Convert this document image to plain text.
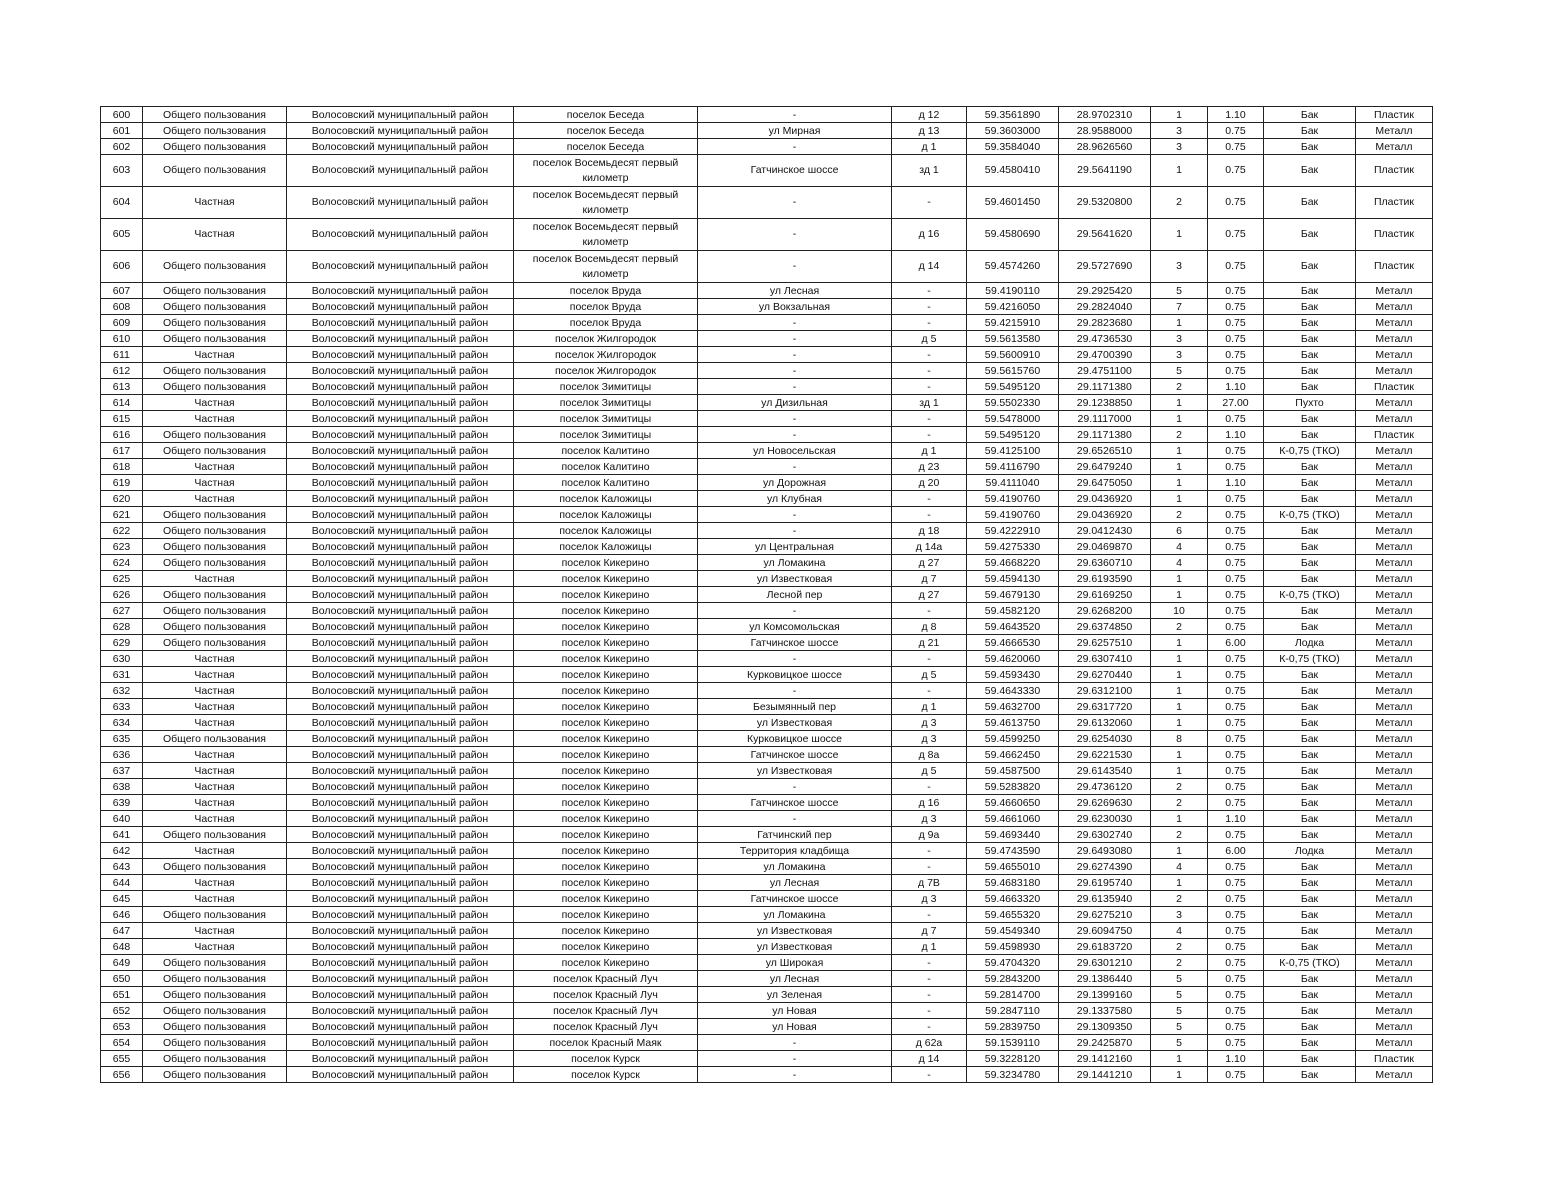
600	Общего пользования	Волосовский муниципальный район	поселок Беседа	-	д 12	59.3561890	28.9702310	1	1.10	Бак	Пластик
601	Общего пользования	Волосовский муниципальный район	поселок Беседа	ул Мирная	д 13	59.3603000	28.9588000	3	0.75	Бак	Металл
602	Общего пользования	Волосовский муниципальный район	поселок Беседа	-	д 1	59.3584040	28.9626560	3	0.75	Бак	Металл
603	Общего пользования	Волосовский муниципальный район	поселок Восемьдесят первый километр	Гатчинское шоссе	зд 1	59.4580410	29.5641190	1	0.75	Бак	Пластик
604	Частная	Волосовский муниципальный район	поселок Восемьдесят первый километр	-	-	59.4601450	29.5320800	2	0.75	Бак	Пластик
605	Частная	Волосовский муниципальный район	поселок Восемьдесят первый километр	-	д 16	59.4580690	29.5641620	1	0.75	Бак	Пластик
606	Общего пользования	Волосовский муниципальный район	поселок Восемьдесят первый километр	-	д 14	59.4574260	29.5727690	3	0.75	Бак	Пластик
607	Общего пользования	Волосовский муниципальный район	поселок Вруда	ул Лесная	-	59.4190110	29.2925420	5	0.75	Бак	Металл
608	Общего пользования	Волосовский муниципальный район	поселок Вруда	ул Вокзальная	-	59.4216050	29.2824040	7	0.75	Бак	Металл
609	Общего пользования	Волосовский муниципальный район	поселок Вруда	-	-	59.4215910	29.2823680	1	0.75	Бак	Металл
610	Общего пользования	Волосовский муниципальный район	поселок Жилгородок	-	д 5	59.5613580	29.4736530	3	0.75	Бак	Металл
611	Частная	Волосовский муниципальный район	поселок Жилгородок	-	-	59.5600910	29.4700390	3	0.75	Бак	Металл
612	Общего пользования	Волосовский муниципальный район	поселок Жилгородок	-	-	59.5615760	29.4751100	5	0.75	Бак	Металл
613	Общего пользования	Волосовский муниципальный район	поселок Зимитицы	-	-	59.5495120	29.1171380	2	1.10	Бак	Пластик
614	Частная	Волосовский муниципальный район	поселок Зимитицы	ул Дизильная	зд 1	59.5502330	29.1238850	1	27.00	Пухто	Металл
615	Частная	Волосовский муниципальный район	поселок Зимитицы	-	-	59.5478000	29.1117000	1	0.75	Бак	Металл
616	Общего пользования	Волосовский муниципальный район	поселок Зимитицы	-	-	59.5495120	29.1171380	2	1.10	Бак	Пластик
617	Общего пользования	Волосовский муниципальный район	поселок Калитино	ул Новосельская	д 1	59.4125100	29.6526510	1	0.75	К-0,75 (ТКО)	Металл
618	Частная	Волосовский муниципальный район	поселок Калитино	-	д 23	59.4116790	29.6479240	1	0.75	Бак	Металл
619	Частная	Волосовский муниципальный район	поселок Калитино	ул Дорожная	д 20	59.4111040	29.6475050	1	1.10	Бак	Металл
620	Частная	Волосовский муниципальный район	поселок Каложицы	ул Клубная	-	59.4190760	29.0436920	1	0.75	Бак	Металл
621	Общего пользования	Волосовский муниципальный район	поселок Каложицы	-	-	59.4190760	29.0436920	2	0.75	К-0,75 (ТКО)	Металл
622	Общего пользования	Волосовский муниципальный район	поселок Каложицы	-	д 18	59.4222910	29.0412430	6	0.75	Бак	Металл
623	Общего пользования	Волосовский муниципальный район	поселок Каложицы	ул Центральная	д 14а	59.4275330	29.0469870	4	0.75	Бак	Металл
624	Общего пользования	Волосовский муниципальный район	поселок Кикерино	ул Ломакина	д 27	59.4668220	29.6360710	4	0.75	Бак	Металл
625	Частная	Волосовский муниципальный район	поселок Кикерино	ул Известковая	д 7	59.4594130	29.6193590	1	0.75	Бак	Металл
626	Общего пользования	Волосовский муниципальный район	поселок Кикерино	Лесной пер	д 27	59.4679130	29.6169250	1	0.75	К-0,75 (ТКО)	Металл
627	Общего пользования	Волосовский муниципальный район	поселок Кикерино	-	-	59.4582120	29.6268200	10	0.75	Бак	Металл
628	Общего пользования	Волосовский муниципальный район	поселок Кикерино	ул Комсомольская	д 8	59.4643520	29.6374850	2	0.75	Бак	Металл
629	Общего пользования	Волосовский муниципальный район	поселок Кикерино	Гатчинское шоссе	д 21	59.4666530	29.6257510	1	6.00	Лодка	Металл
630	Частная	Волосовский муниципальный район	поселок Кикерино	-	-	59.4620060	29.6307410	1	0.75	К-0,75 (ТКО)	Металл
631	Частная	Волосовский муниципальный район	поселок Кикерино	Курковицкое шоссе	д 5	59.4593430	29.6270440	1	0.75	Бак	Металл
632	Частная	Волосовский муниципальный район	поселок Кикерино	-	-	59.4643330	29.6312100	1	0.75	Бак	Металл
633	Частная	Волосовский муниципальный район	поселок Кикерино	Безымянный пер	д 1	59.4632700	29.6317720	1	0.75	Бак	Металл
634	Частная	Волосовский муниципальный район	поселок Кикерино	ул Известковая	д 3	59.4613750	29.6132060	1	0.75	Бак	Металл
635	Общего пользования	Волосовский муниципальный район	поселок Кикерино	Курковицкое шоссе	д 3	59.4599250	29.6254030	8	0.75	Бак	Металл
636	Частная	Волосовский муниципальный район	поселок Кикерино	Гатчинское шоссе	д 8а	59.4662450	29.6221530	1	0.75	Бак	Металл
637	Частная	Волосовский муниципальный район	поселок Кикерино	ул Известковая	д 5	59.4587500	29.6143540	1	0.75	Бак	Металл
638	Частная	Волосовский муниципальный район	поселок Кикерино	-	-	59.5283820	29.4736120	2	0.75	Бак	Металл
639	Частная	Волосовский муниципальный район	поселок Кикерино	Гатчинское шоссе	д 16	59.4660650	29.6269630	2	0.75	Бак	Металл
640	Частная	Волосовский муниципальный район	поселок Кикерино	-	д 3	59.4661060	29.6230030	1	1.10	Бак	Металл
641	Общего пользования	Волосовский муниципальный район	поселок Кикерино	Гатчинский пер	д 9а	59.4693440	29.6302740	2	0.75	Бак	Металл
642	Частная	Волосовский муниципальный район	поселок Кикерино	Территория кладбища	-	59.4743590	29.6493080	1	6.00	Лодка	Металл
643	Общего пользования	Волосовский муниципальный район	поселок Кикерино	ул Ломакина	-	59.4655010	29.6274390	4	0.75	Бак	Металл
644	Частная	Волосовский муниципальный район	поселок Кикерино	ул Лесная	д 7В	59.4683180	29.6195740	1	0.75	Бак	Металл
645	Частная	Волосовский муниципальный район	поселок Кикерино	Гатчинское шоссе	д 3	59.4663320	29.6135940	2	0.75	Бак	Металл
646	Общего пользования	Волосовский муниципальный район	поселок Кикерино	ул Ломакина	-	59.4655320	29.6275210	3	0.75	Бак	Металл
647	Частная	Волосовский муниципальный район	поселок Кикерино	ул Известковая	д 7	59.4549340	29.6094750	4	0.75	Бак	Металл
648	Частная	Волосовский муниципальный район	поселок Кикерино	ул Известковая	д 1	59.4598930	29.6183720	2	0.75	Бак	Металл
649	Общего пользования	Волосовский муниципальный район	поселок Кикерино	ул Широкая	-	59.4704320	29.6301210	2	0.75	К-0,75 (ТКО)	Металл
650	Общего пользования	Волосовский муниципальный район	поселок Красный Луч	ул Лесная	-	59.2843200	29.1386440	5	0.75	Бак	Металл
651	Общего пользования	Волосовский муниципальный район	поселок Красный Луч	ул Зеленая	-	59.2814700	29.1399160	5	0.75	Бак	Металл
652	Общего пользования	Волосовский муниципальный район	поселок Красный Луч	ул Новая	-	59.2847110	29.1337580	5	0.75	Бак	Металл
653	Общего пользования	Волосовский муниципальный район	поселок Красный Луч	ул Новая	-	59.2839750	29.1309350	5	0.75	Бак	Металл
654	Общего пользования	Волосовский муниципальный район	поселок Красный Маяк	-	д 62а	59.1539110	29.2425870	5	0.75	Бак	Металл
655	Общего пользования	Волосовский муниципальный район	поселок Курск	-	д 14	59.3228120	29.1412160	1	1.10	Бак	Пластик
656	Общего пользования	Волосовский муниципальный район	поселок Курск	-	-	59.3234780	29.1441210	1	0.75	Бак	Металл
